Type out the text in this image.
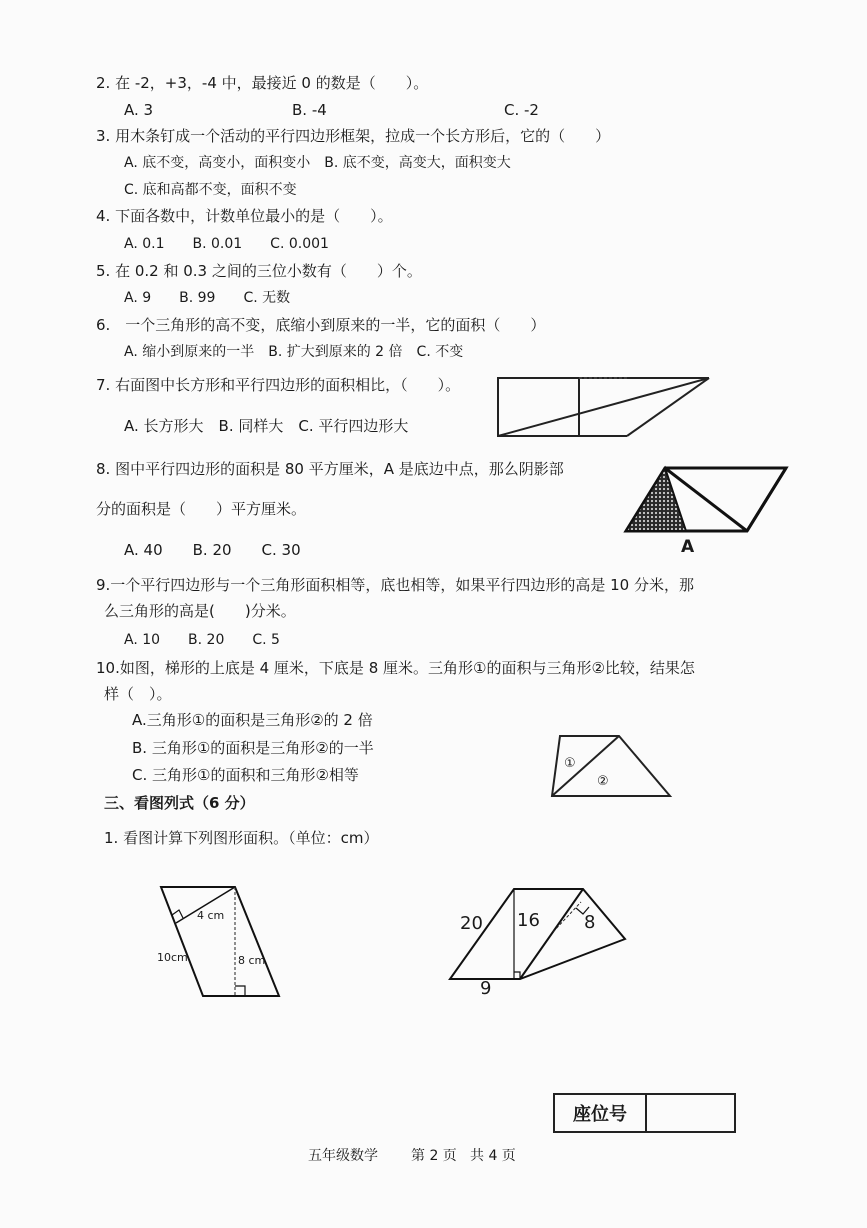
2. 在 -2，+3，-4 中，最接近 0 的数是（　　）。
A. 3	B. -4	C. -2
3. 用木条钉成一个活动的平行四边形框架，拉成一个长方形后，它的（　　）
A. 底不变，高变小，面积变小　B. 底不变，高变大，面积变大
C. 底和高都不变，面积不变
4. 下面各数中，计数单位最小的是（　　）。
A. 0.1　　B. 0.01　　C. 0.001
5. 在 0.2 和 0.3 之间的三位小数有（　　）个。
A. 9　　B. 99　　C. 无数
6.　一个三角形的高不变，底缩小到原来的一半，它的面积（　　）
A. 缩小到原来的一半　B. 扩大到原来的 2 倍　C. 不变
7. 右面图中长方形和平行四边形的面积相比，（　　）。
A. 长方形大　B. 同样大　C. 平行四边形大
8. 图中平行四边形的面积是 80 平方厘米，A 是底边中点，那么阴影部
分的面积是（　　）平方厘米。
A. 40　　B. 20　　C. 30	A
9.一个平行四边形与一个三角形面积相等，底也相等，如果平行四边形的高是 10 分米，那
么三角形的高是(　　)分米。
A. 10　　B. 20　　C. 5
10.如图，梯形的上底是 4 厘米，下底是 8 厘米。三角形①的面积与三角形②比较，结果怎
样（　）。
A.三角形①的面积是三角形②的 2 倍
B. 三角形①的面积是三角形②的一半
C. 三角形①的面积和三角形②相等
①
②
三、看图列式（6 分）
1. 看图计算下列图形面积。（单位：cm）
4 cm
10cm	8 cm
20 16 8
9
座位号
五年级数学 第 2 页 共 4 页
